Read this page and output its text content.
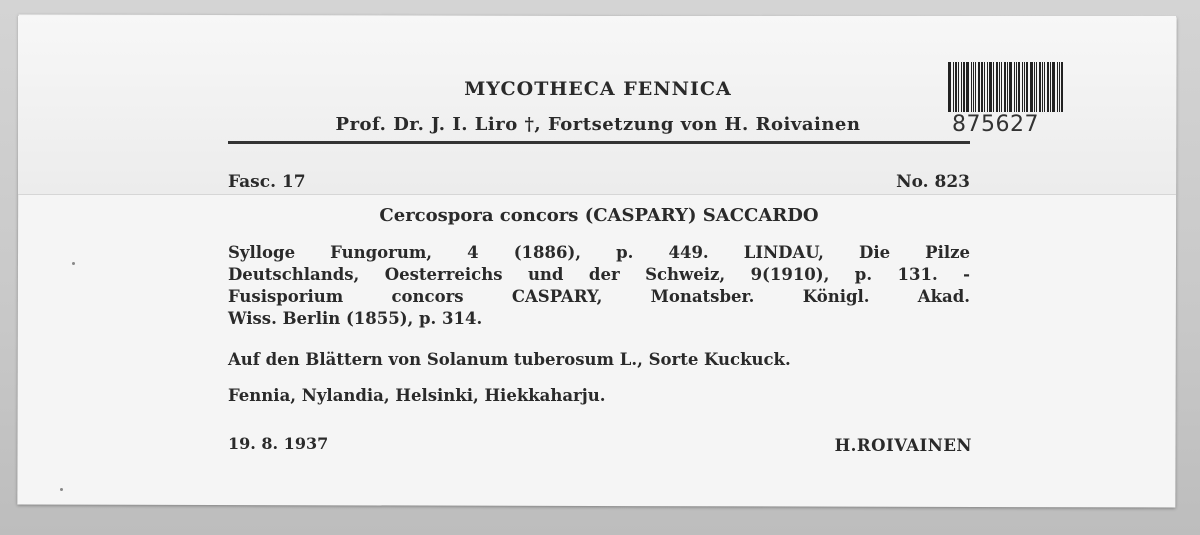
MYCOTHECA FENNICA
Prof. Dr. J. I. Liro †, Fortsetzung von H. Roivainen	875627
Fasc. 17	No. 823
Cercospora concors (CASPARY) SACCARDO
Sylloge Fungorum, 4 (1886), p. 449. LINDAU, Die Pilze
Deutschlands, Oesterreichs und der Schweiz, 9(1910), p. 131. -
Fusisporium concors CASPARY, Monatsber. Königl. Akad.
Wiss. Berlin (1855), p. 314.
Auf den Blättern von Solanum tuberosum L., Sorte Kuckuck.
Fennia, Nylandia, Helsinki, Hiekkaharju.
19. 8. 1937	H.ROIVAINEN
